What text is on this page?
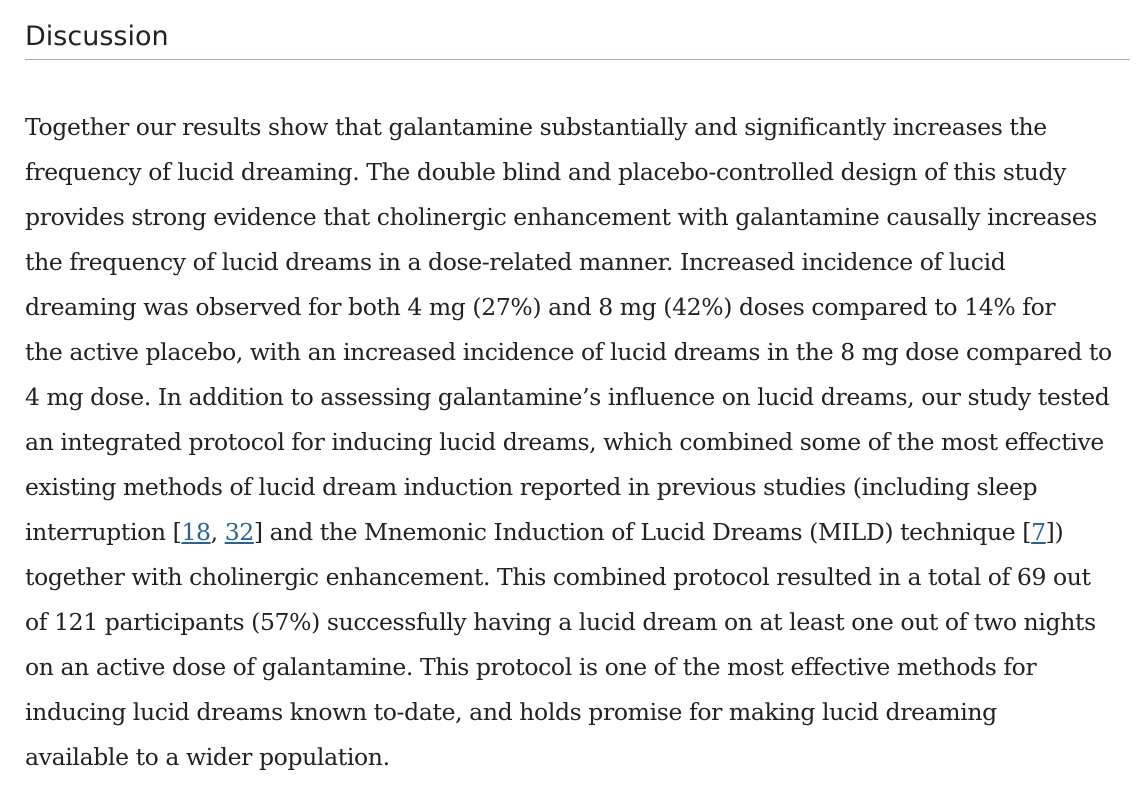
Discussion

Together our results show that galantamine substantially and significantly increases the
frequency of lucid dreaming. The double blind and placebo-controlled design of this study
provides strong evidence that cholinergic enhancement with galantamine causally increases
the frequency of lucid dreams in a dose-related manner. Increased incidence of lucid
dreaming was observed for both 4 mg (27%) and 8 mg (42%) doses compared to 14% for
the active placebo, with an increased incidence of lucid dreams in the 8 mg dose compared to
4 mg dose. In addition to assessing galantamine’s influence on lucid dreams, our study tested
an integrated protocol for inducing lucid dreams, which combined some of the most effective
existing methods of lucid dream induction reported in previous studies (including sleep
interruption [18, 32] and the Mnemonic Induction of Lucid Dreams (MILD) technique [7])
together with cholinergic enhancement. This combined protocol resulted in a total of 69 out
of 121 participants (57%) successfully having a lucid dream on at least one out of two nights
on an active dose of galantamine. This protocol is one of the most effective methods for
inducing lucid dreams known to-date, and holds promise for making lucid dreaming
available to a wider population.
